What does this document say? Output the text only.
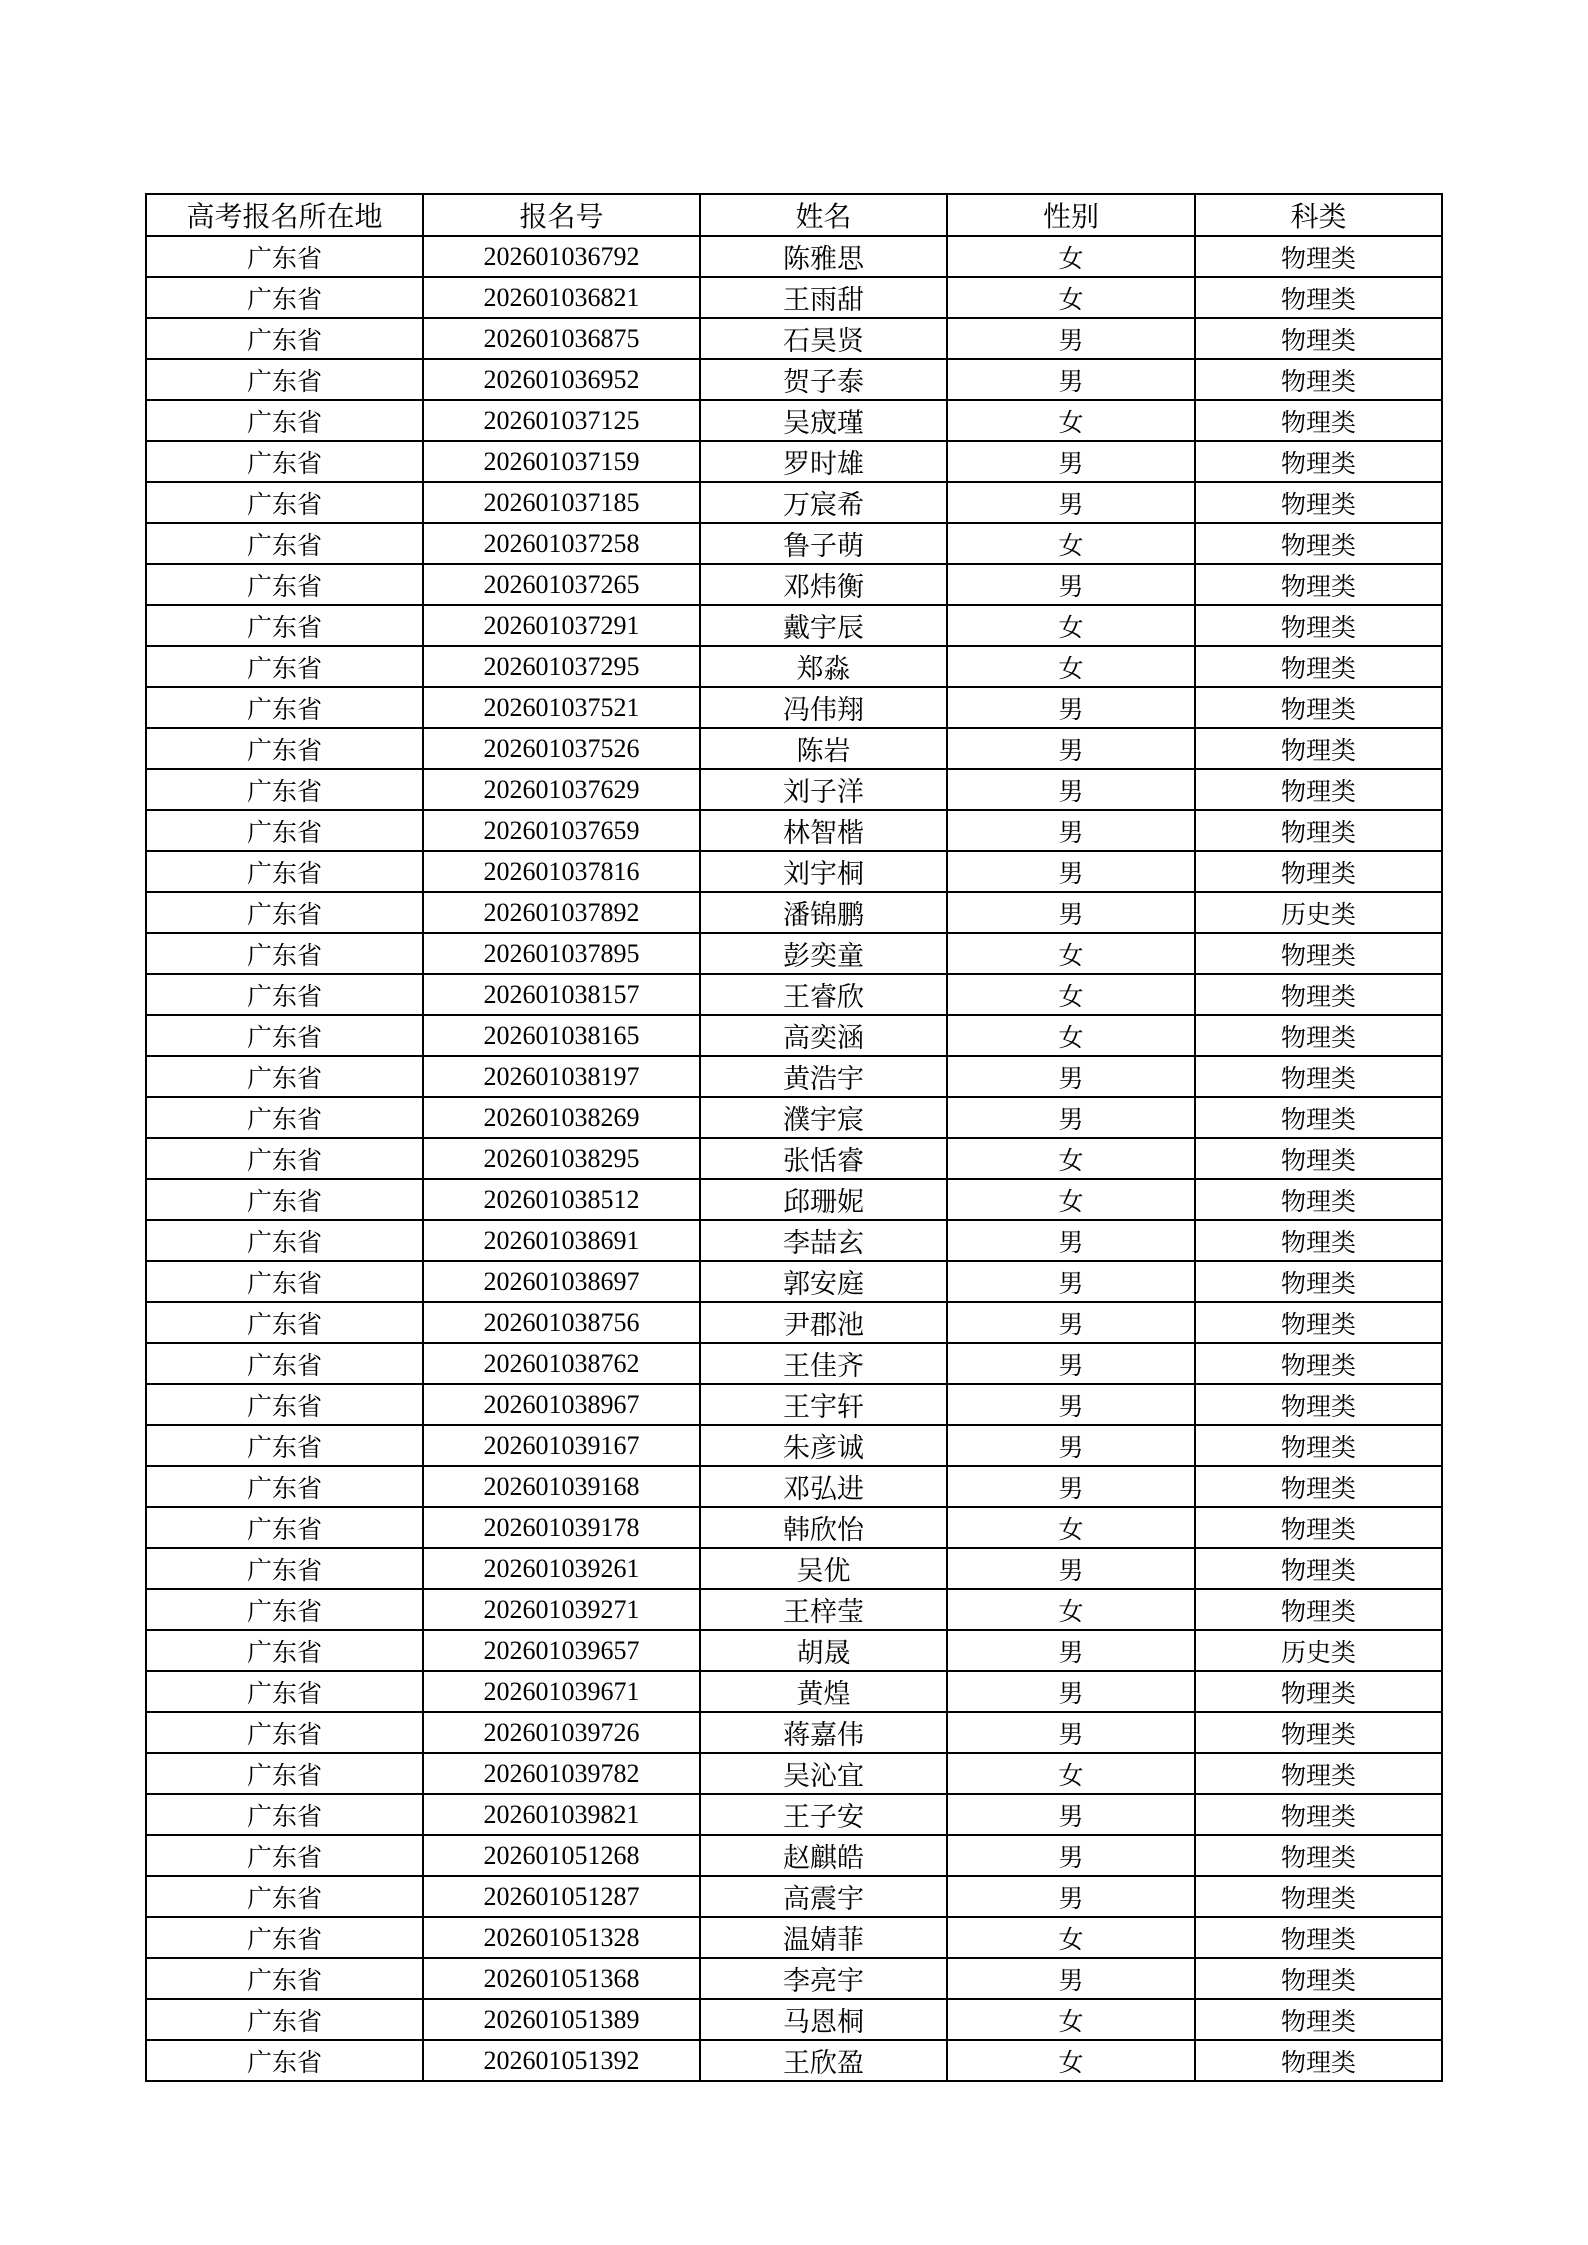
高考报名所在地	报名号	姓名	性别	科类
广东省	202601036792	陈雅思	女	物理类
广东省	202601036821	王雨甜	女	物理类
广东省	202601036875	石昊贤	男	物理类
广东省	202601036952	贺子泰	男	物理类
广东省	202601037125	吴宬瑾	女	物理类
广东省	202601037159	罗时雄	男	物理类
广东省	202601037185	万宸希	男	物理类
广东省	202601037258	鲁子萌	女	物理类
广东省	202601037265	邓炜衡	男	物理类
广东省	202601037291	戴宇辰	女	物理类
广东省	202601037295	郑淼	女	物理类
广东省	202601037521	冯伟翔	男	物理类
广东省	202601037526	陈岩	男	物理类
广东省	202601037629	刘子洋	男	物理类
广东省	202601037659	林智楷	男	物理类
广东省	202601037816	刘宇桐	男	物理类
广东省	202601037892	潘锦鹏	男	历史类
广东省	202601037895	彭奕童	女	物理类
广东省	202601038157	王睿欣	女	物理类
广东省	202601038165	高奕涵	女	物理类
广东省	202601038197	黄浩宇	男	物理类
广东省	202601038269	濮宇宸	男	物理类
广东省	202601038295	张恬睿	女	物理类
广东省	202601038512	邱珊妮	女	物理类
广东省	202601038691	李喆玄	男	物理类
广东省	202601038697	郭安庭	男	物理类
广东省	202601038756	尹郡池	男	物理类
广东省	202601038762	王佳齐	男	物理类
广东省	202601038967	王宇轩	男	物理类
广东省	202601039167	朱彦诚	男	物理类
广东省	202601039168	邓弘进	男	物理类
广东省	202601039178	韩欣怡	女	物理类
广东省	202601039261	吴优	男	物理类
广东省	202601039271	王梓莹	女	物理类
广东省	202601039657	胡晟	男	历史类
广东省	202601039671	黄煌	男	物理类
广东省	202601039726	蒋嘉伟	男	物理类
广东省	202601039782	吴沁宜	女	物理类
广东省	202601039821	王子安	男	物理类
广东省	202601051268	赵麒皓	男	物理类
广东省	202601051287	高震宇	男	物理类
广东省	202601051328	温婧菲	女	物理类
广东省	202601051368	李亮宇	男	物理类
广东省	202601051389	马恩桐	女	物理类
广东省	202601051392	王欣盈	女	物理类
